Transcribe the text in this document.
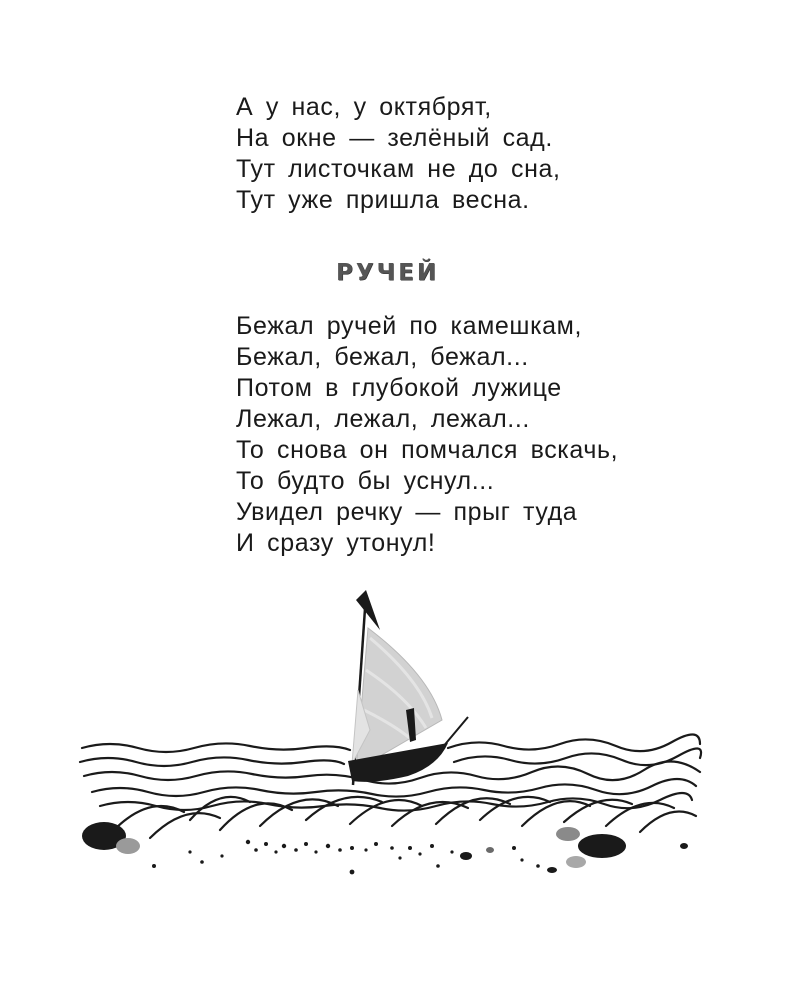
А у нас, у октябрят,
На окне — зелёный сад.
Тут листочкам не до сна,
Тут уже пришла весна.
РУЧЕЙ
Бежал ручей по камешкам,
Бежал, бежал, бежал...
Потом в глубокой лужице
Лежал, лежал, лежал...
То снова он помчался вскачь,
То будто бы уснул...
Увидел речку — прыг туда
И сразу утонул!
